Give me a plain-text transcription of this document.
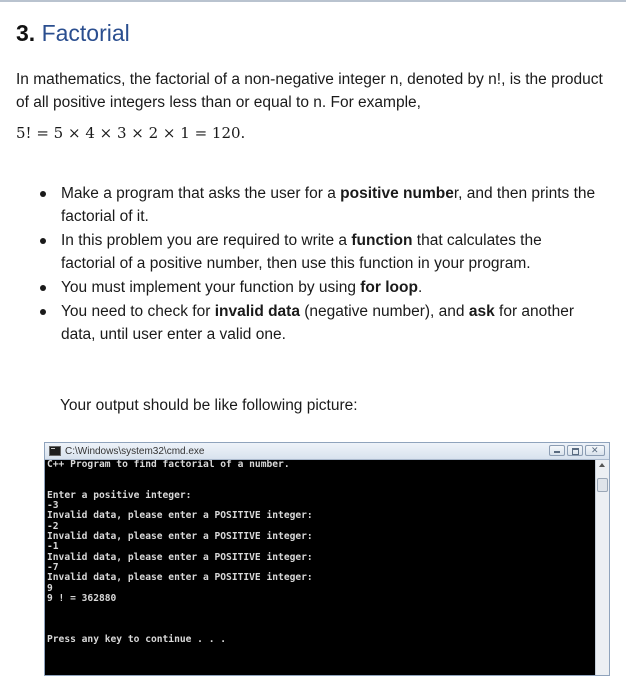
3. Factorial
In mathematics, the factorial of a non-negative integer n, denoted by n!, is the product of all positive integers less than or equal to n. For example,
5! = 5 × 4 × 3 × 2 × 1 = 120.
Make a program that asks the user for a positive number, and then prints the factorial of it.
In this problem you are required to write a function that calculates the factorial of a positive number, then use this function in your program.
You must implement your function by using for loop.
You need to check for invalid data (negative number), and ask for another data, until user enter a valid one.
Your output should be like following picture:
C:\Windows\system32\cmd.exe
✕
C++ Program to find factorial of a number.

Enter a positive integer:
-3
Invalid data, please enter a POSITIVE integer:
-2
Invalid data, please enter a POSITIVE integer:
-1
Invalid data, please enter a POSITIVE integer:
-7
Invalid data, please enter a POSITIVE integer:
9
9 ! = 362880

Press any key to continue . . .
